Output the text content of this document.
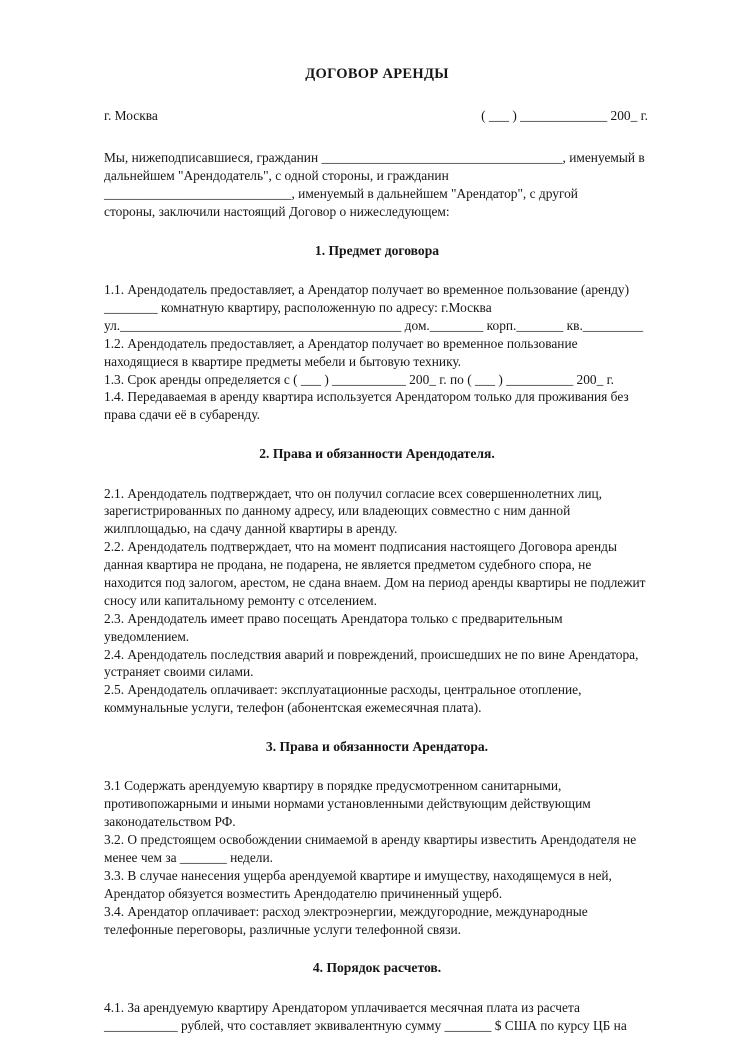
ДОГОВОР АРЕНДЫ
г. Москва	( ___ ) _____________ 200_ г.

Мы, нижеподписавшиеся, гражданин ____________________________________, именуемый в

дальнейшем "Арендодатель", с одной стороны, и гражданин

____________________________, именуемый в дальнейшем "Арендатор", с другой

стороны, заключили настоящий Договор о нижеследующем:

1. Предмет договора

1.1. Арендодатель предоставляет, а Арендатор получает во временное пользование (аренду) ________ комнатную квартиру, расположенную по адресу: г.Москва ул.__________________________________________ дом.________ корп._______ кв._________

1.2. Арендодатель предоставляет, а Арендатор получает во временное пользование находящиеся в квартире предметы мебели и бытовую технику.

1.3. Срок аренды определяется с ( ___ ) ___________ 200_ г. по ( ___ ) __________ 200_ г.

1.4. Передаваемая в аренду квартира используется Арендатором только для проживания без права сдачи её в субаренду.

2. Права и обязанности Арендодателя.

2.1. Арендодатель подтверждает, что он получил согласие всех совершеннолетних лиц, зарегистрированных по данному адресу, или владеющих совместно с ним данной жилплощадью, на сдачу данной квартиры в аренду.

2.2. Арендодатель подтверждает, что на момент подписания настоящего Договора аренды данная квартира не продана, не подарена, не является предметом судебного спора, не находится под залогом, арестом, не сдана внаем. Дом на период аренды квартиры не подлежит сносу или капитальному ремонту с отселением.

2.3. Арендодатель имеет право посещать Арендатора только с предварительным уведомлением.

2.4. Арендодатель последствия аварий и повреждений, происшедших не по вине Арендатора, устраняет своими силами.

2.5. Арендодатель оплачивает: эксплуатационные расходы, центральное отопление, коммунальные услуги, телефон (абонентская ежемесячная плата).

3. Права и обязанности Арендатора.

3.1 Содержать арендуемую квартиру в порядке предусмотренном санитарными, противопожарными и иными нормами установленными действующим действующим законодательством РФ.

3.2. О предстоящем освобождении снимаемой в аренду квартиры известить Арендодателя не менее чем за _______ недели.

3.3. В случае нанесения ущерба арендуемой квартире и имуществу, находящемуся в ней, Арендатор обязуется возместить Арендодателю причиненный ущерб.

3.4. Арендатор оплачивает: расход электроэнергии, междугородние, международные телефонные переговоры, различные услуги телефонной связи.

4. Порядок расчетов.

4.1. За арендуемую квартиру Арендатором уплачивается месячная плата из расчета ___________ рублей, что составляет эквивалентную сумму _______ $ США по курсу ЦБ на
